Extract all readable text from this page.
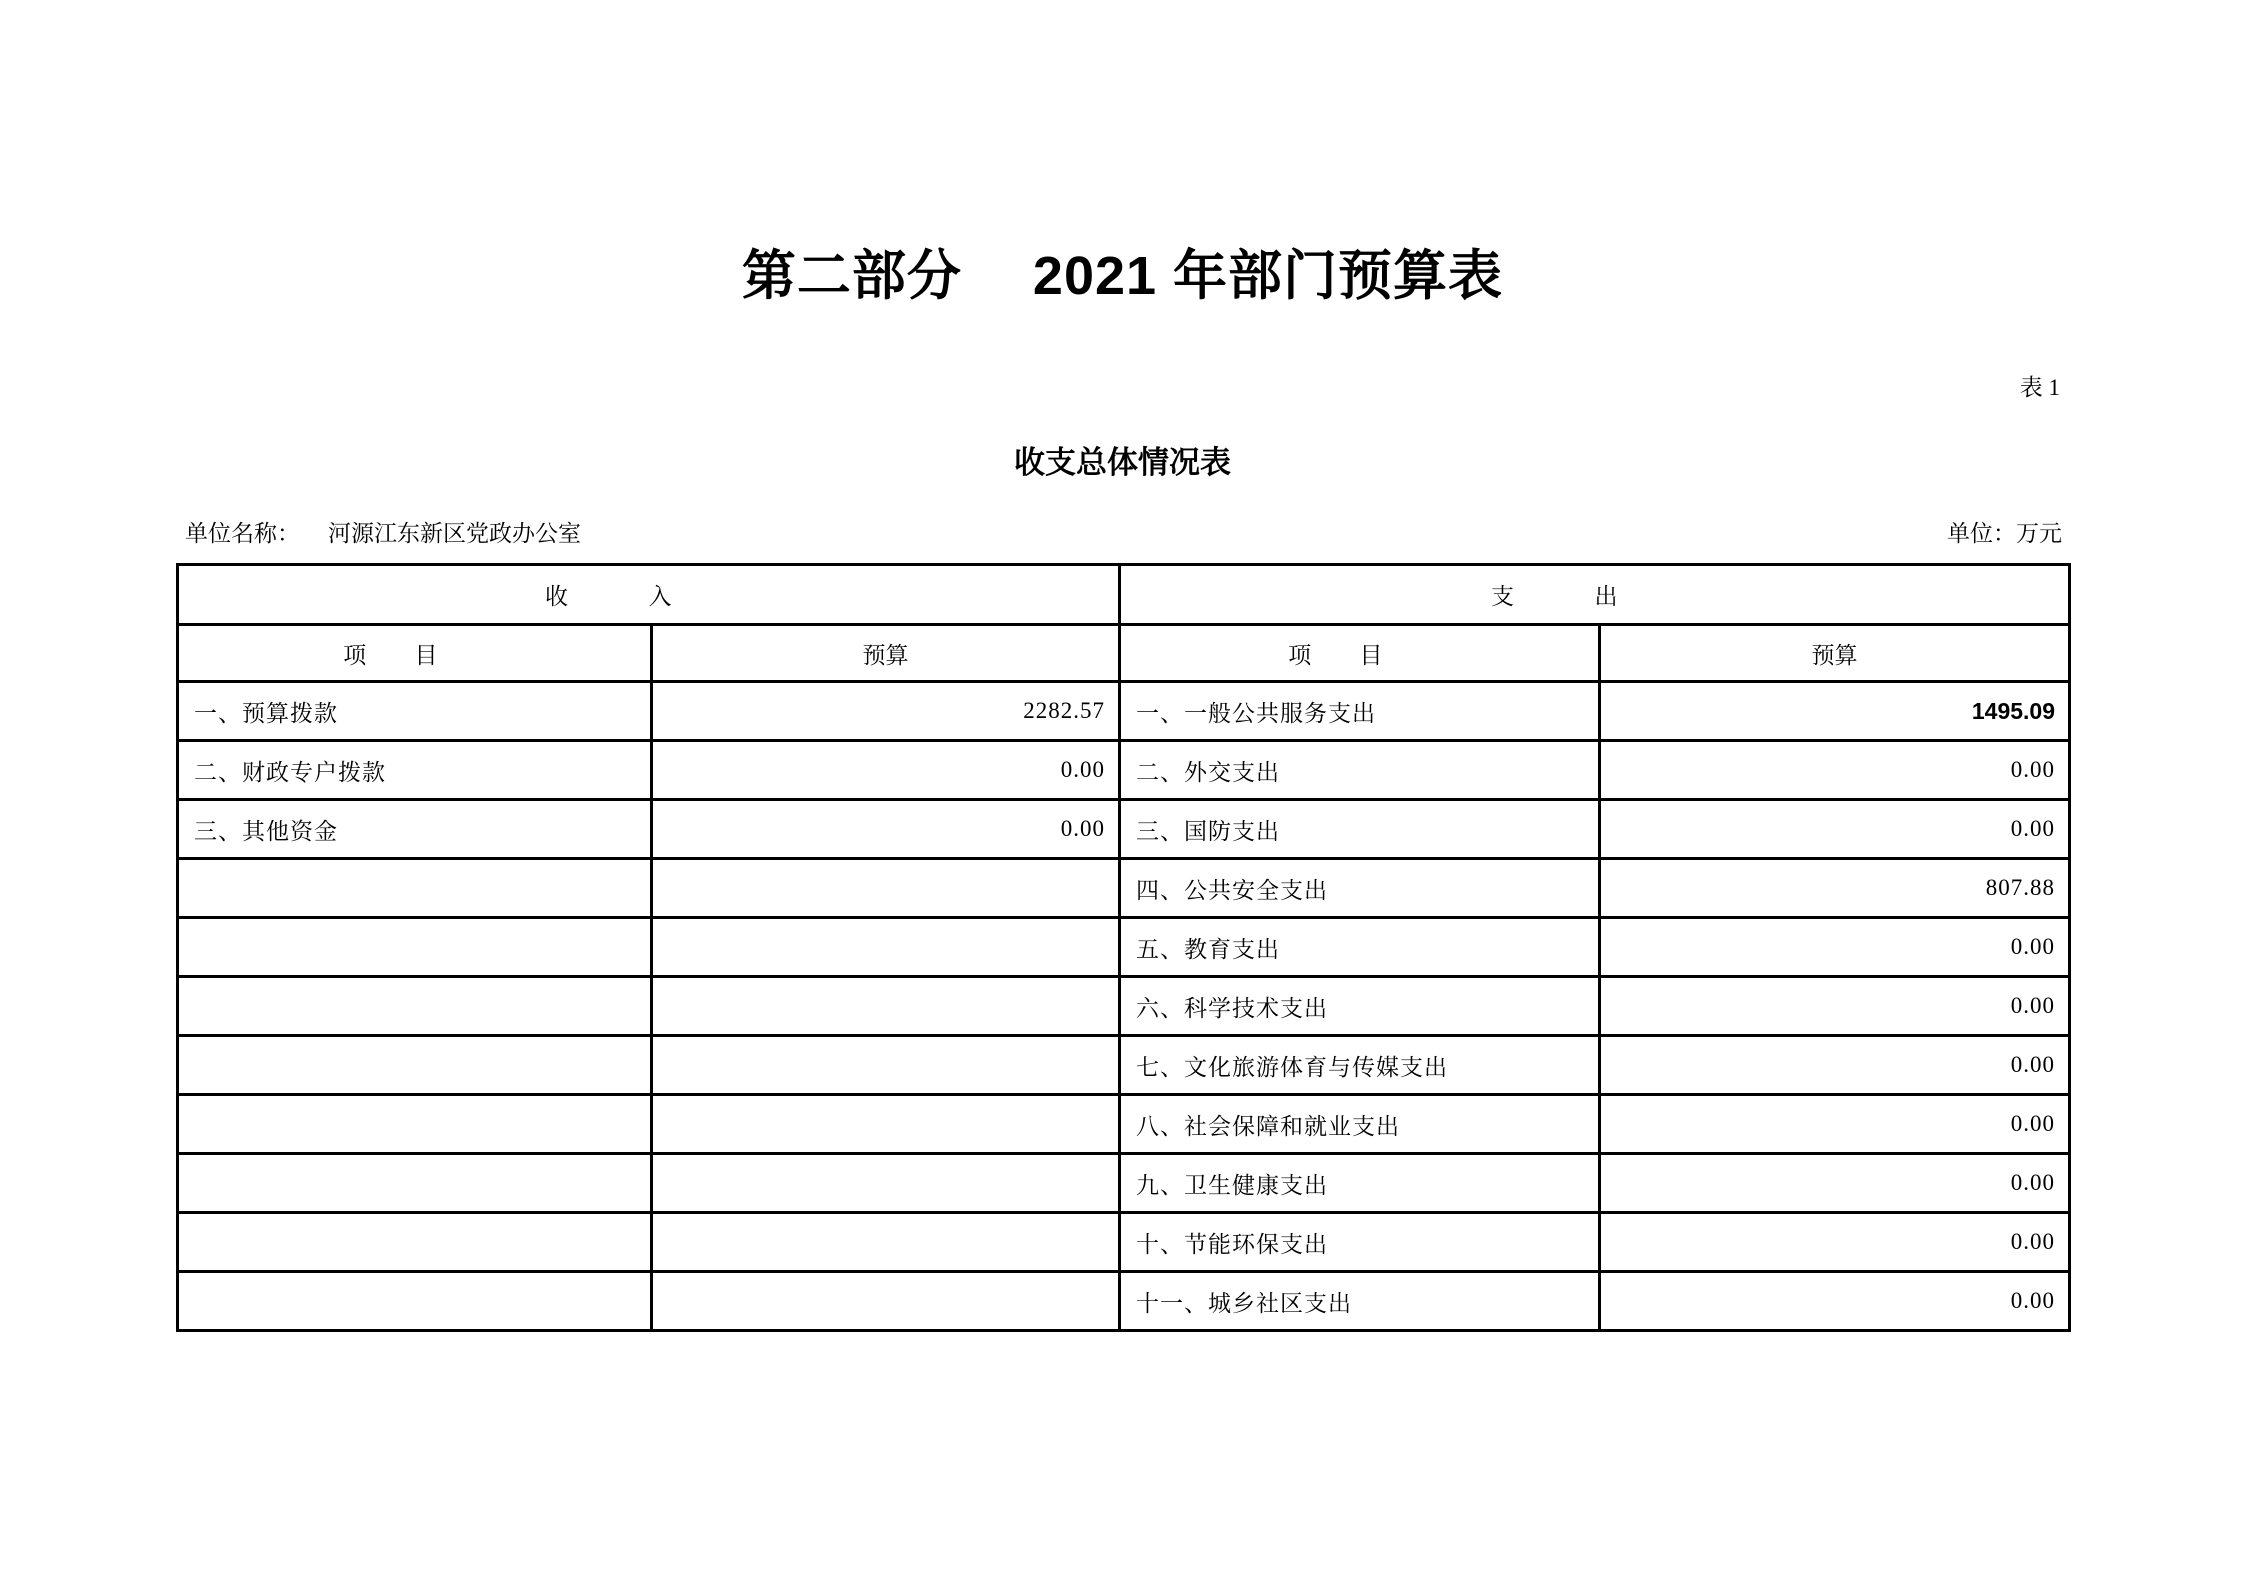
第二部分　 2021 年部门预算表
表 1
收支总体情况表
单位名称： 河源江东新区党政办公室	单位：万元
收入		支出	
项目	预算	项目	预算
一、预算拨款	2282.57	一、一般公共服务支出	1495.09
二、财政专户拨款	0.00	二、外交支出	0.00
三、其他资金	0.00	三、国防支出	0.00
		四、公共安全支出	807.88
		五、教育支出	0.00
		六、科学技术支出	0.00
		七、文化旅游体育与传媒支出	0.00
		八、社会保障和就业支出	0.00
		九、卫生健康支出	0.00
		十、节能环保支出	0.00
		十一、城乡社区支出	0.00
